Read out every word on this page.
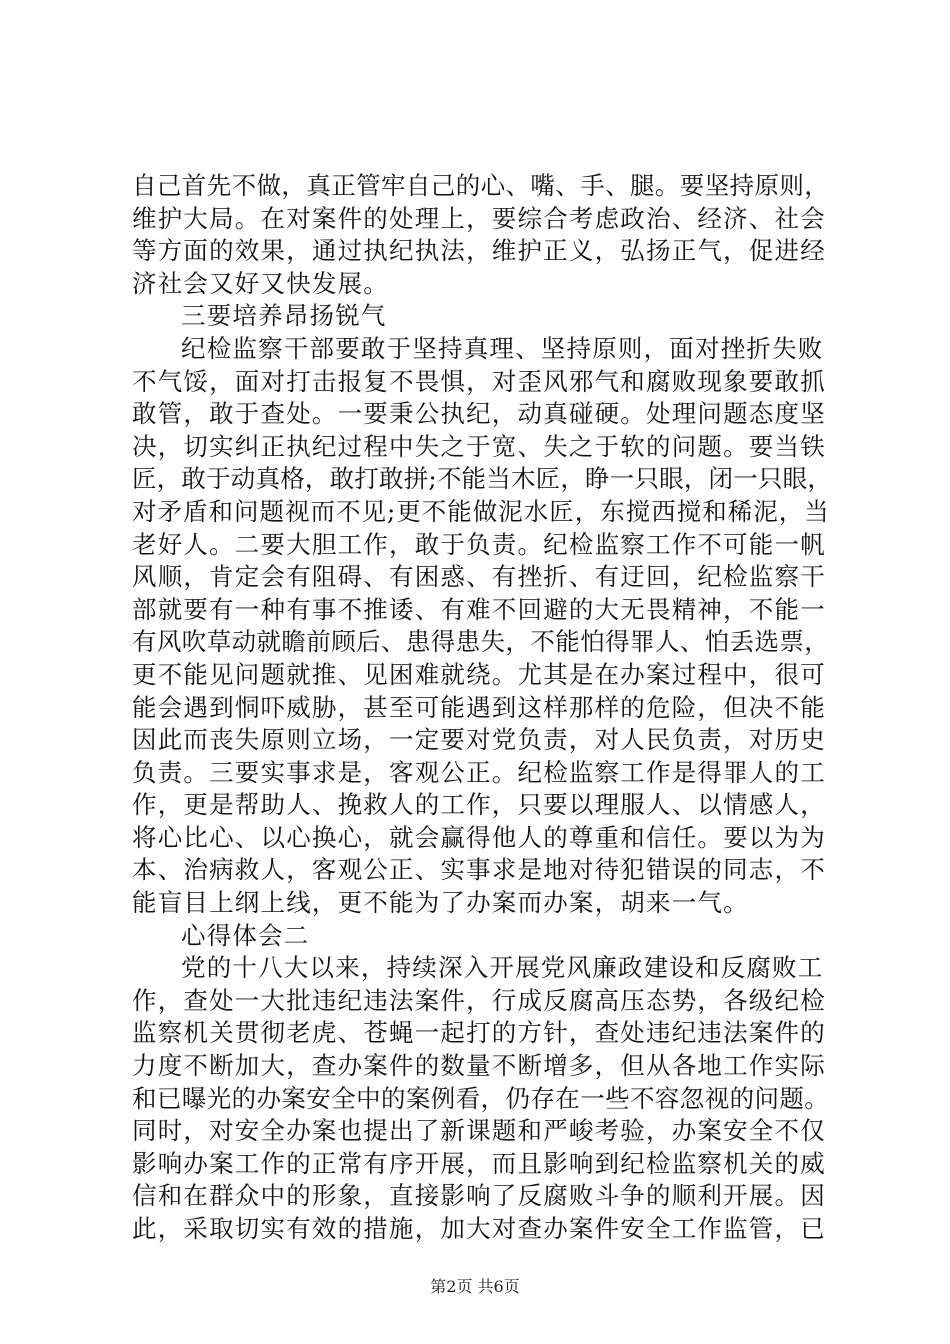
自己首先不做，真正管牢自己的心、嘴、手、腿。要坚持原则，
维护大局。在对案件的处理上，要综合考虑政治、经济、社会
等方面的效果，通过执纪执法，维护正义，弘扬正气，促进经
济社会又好又快发展。
三要培养昂扬锐气
纪检监察干部要敢于坚持真理、坚持原则，面对挫折失败
不气馁，面对打击报复不畏惧，对歪风邪气和腐败现象要敢抓
敢管，敢于查处。一要秉公执纪，动真碰硬。处理问题态度坚
决，切实纠正执纪过程中失之于宽、失之于软的问题。要当铁
匠，敢于动真格，敢打敢拼;不能当木匠，睁一只眼，闭一只眼，
对矛盾和问题视而不见;更不能做泥水匠，东搅西搅和稀泥，当
老好人。二要大胆工作，敢于负责。纪检监察工作不可能一帆
风顺，肯定会有阻碍、有困惑、有挫折、有迂回，纪检监察干
部就要有一种有事不推诿、有难不回避的大无畏精神，不能一
有风吹草动就瞻前顾后、患得患失，不能怕得罪人、怕丢选票，
更不能见问题就推、见困难就绕。尤其是在办案过程中，很可
能会遇到恫吓威胁，甚至可能遇到这样那样的危险，但决不能
因此而丧失原则立场，一定要对党负责，对人民负责，对历史
负责。三要实事求是，客观公正。纪检监察工作是得罪人的工
作，更是帮助人、挽救人的工作，只要以理服人、以情感人，
将心比心、以心换心，就会赢得他人的尊重和信任。要以为为
本、治病救人，客观公正、实事求是地对待犯错误的同志，不
能盲目上纲上线，更不能为了办案而办案，胡来一气。
心得体会二
党的十八大以来，持续深入开展党风廉政建设和反腐败工
作，查处一大批违纪违法案件，行成反腐高压态势，各级纪检
监察机关贯彻老虎、苍蝇一起打的方针，查处违纪违法案件的
力度不断加大，查办案件的数量不断增多，但从各地工作实际
和已曝光的办案安全中的案例看，仍存在一些不容忽视的问题。
同时，对安全办案也提出了新课题和严峻考验，办案安全不仅
影响办案工作的正常有序开展，而且影响到纪检监察机关的威
信和在群众中的形象，直接影响了反腐败斗争的顺利开展。因
此，采取切实有效的措施，加大对查办案件安全工作监管，已
第2页 共6页
